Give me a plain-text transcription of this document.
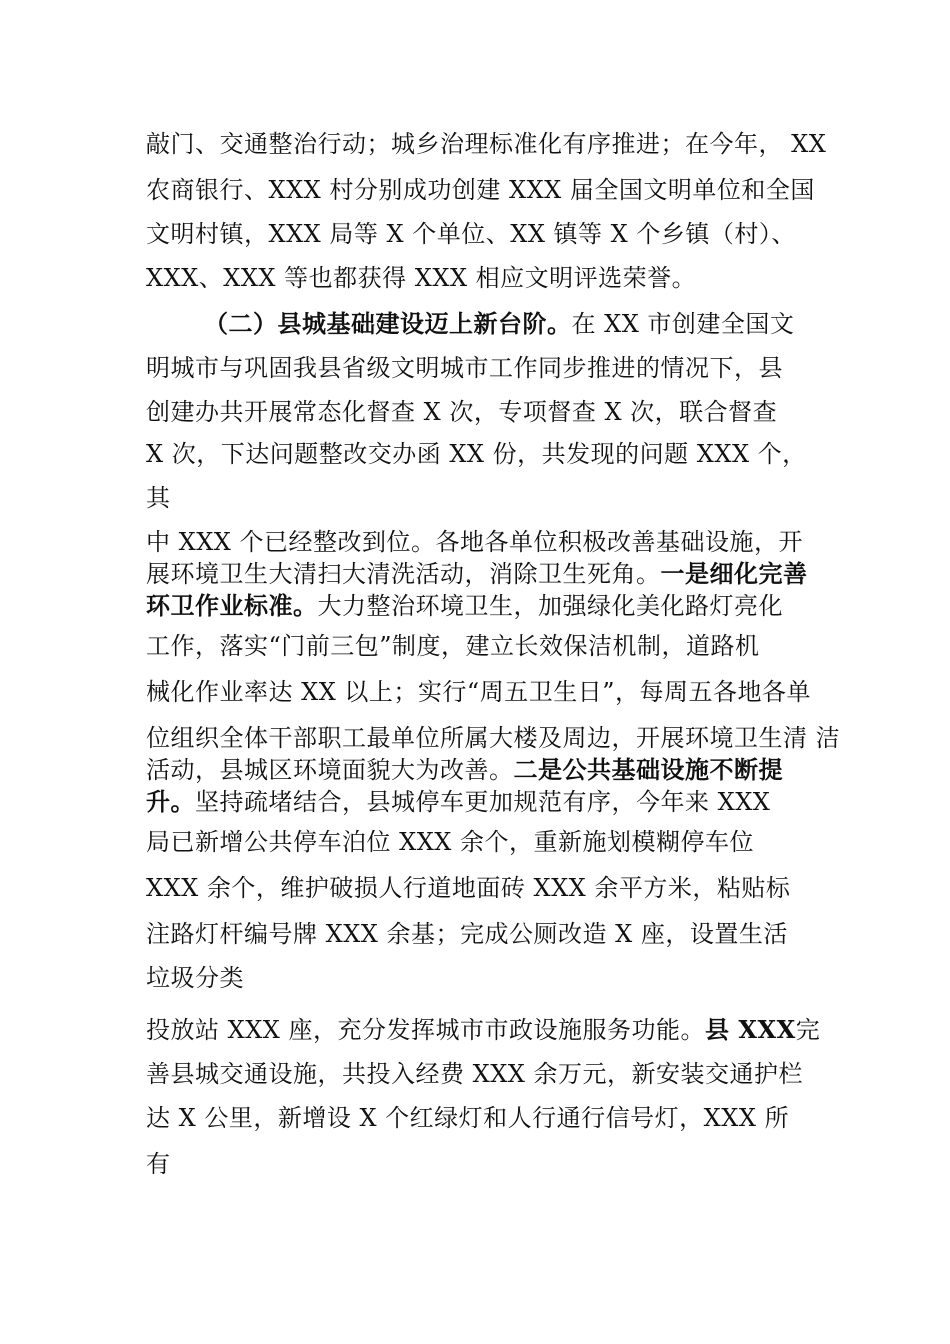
敲门、交通整治行动；城乡治理标准化有序推进；在今年， XX
农商银行、XXX 村分别成功创建 XXX 届全国文明单位和全国
文明村镇，XXX 局等 X 个单位、XX 镇等 X 个乡镇（村）、
XXX、XXX 等也都获得 XXX 相应文明评选荣誉。
（二）县城基础建设迈上新台阶。在 XX 市创建全国文
明城市与巩固我县省级文明城市工作同步推进的情况下，县
创建办共开展常态化督查 X 次，专项督查 X 次，联合督查
X 次，下达问题整改交办函 XX 份，共发现的问题 XXX 个，
其
中 XXX 个已经整改到位。各地各单位积极改善基础设施，开
展环境卫生大清扫大清洗活动，消除卫生死角。一是细化完善
环卫作业标准。大力整治环境卫生，加强绿化美化路灯亮化
工作，落实“门前三包”制度，建立长效保洁机制，道路机
械化作业率达 XX 以上；实行“周五卫生日”，每周五各地各单
位组织全体干部职工最单位所属大楼及周边，开展环境卫生清 洁
活动，县城区环境面貌大为改善。二是公共基础设施不断提
升。坚持疏堵结合，县城停车更加规范有序，今年来 XXX
局已新增公共停车泊位 XXX 余个，重新施划模糊停车位
XXX 余个，维护破损人行道地面砖 XXX 余平方米，粘贴标
注路灯杆编号牌 XXX 余基；完成公厕改造 X 座，设置生活
垃圾分类
投放站 XXX 座，充分发挥城市市政设施服务功能。县 XXX完
善县城交通设施，共投入经费 XXX 余万元，新安装交通护栏
达 X 公里，新增设 X 个红绿灯和人行通行信号灯，XXX 所
有
